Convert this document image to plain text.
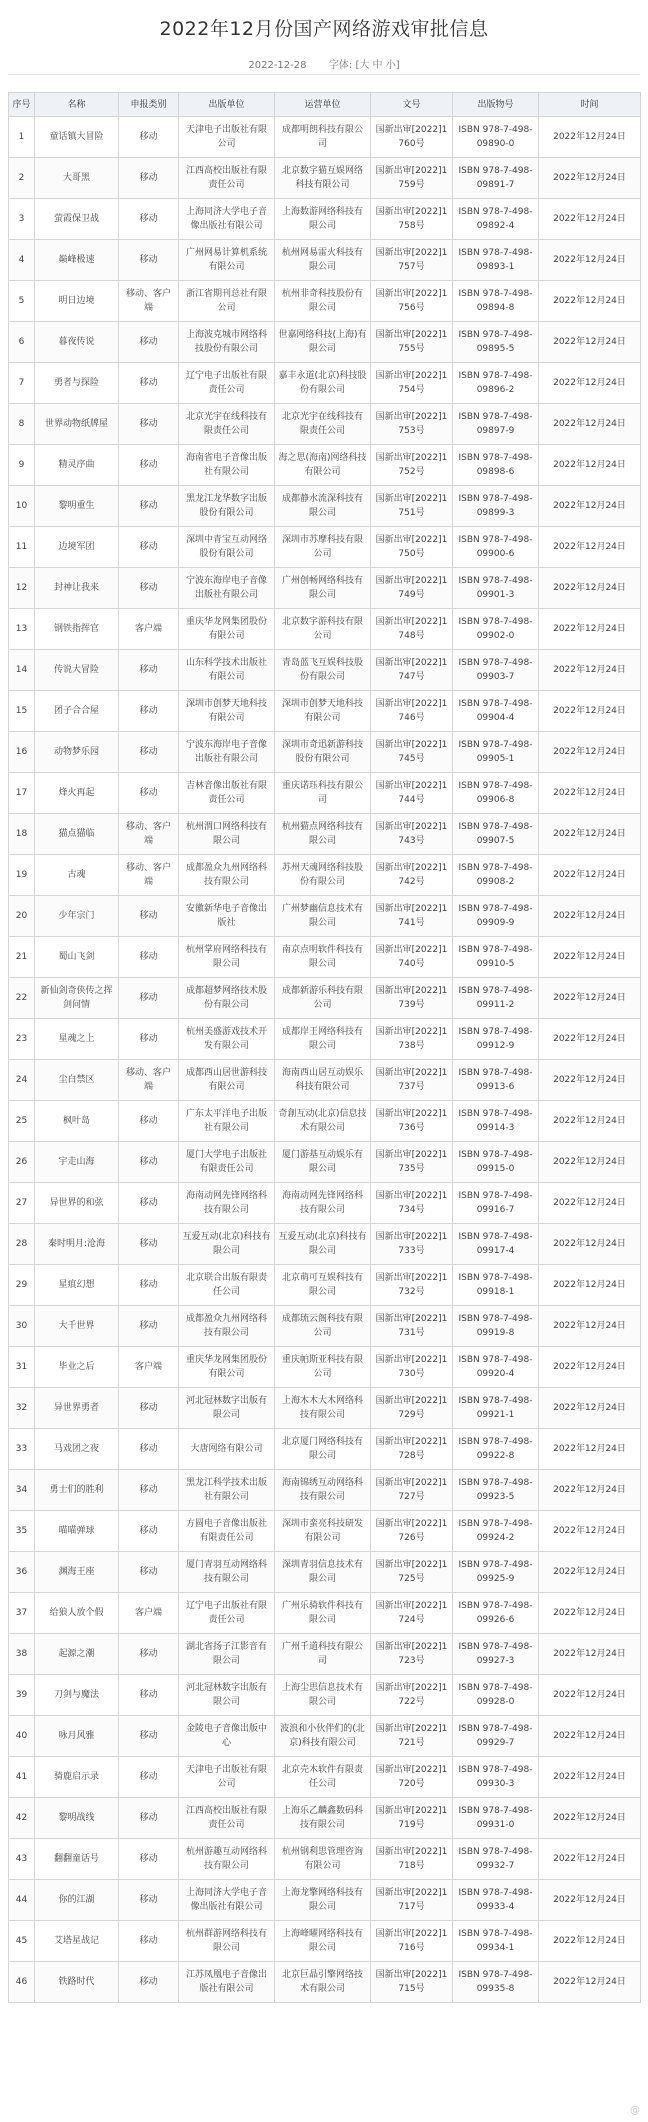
2022年12月份国产网络游戏审批信息
2022-12-28 字体: [大 中 小]
序号	名称	申报类别	出版单位	运营单位	文号	出版物号	时间
1	童话镇大冒险	移动	天津电子出版社有限公司	成都明朗科技有限公司	国新出审[2022]1760号	ISBN 978-7-498-09890-0	2022年12月24日
2	大哥黑	移动	江西高校出版社有限责任公司	北京数字猫互娱网络科技有限公司	国新出审[2022]1759号	ISBN 978-7-498-09891-7	2022年12月24日
3	萤霞保卫战	移动	上海同济大学电子音像出版社有限公司	上海数游网络科技有限公司	国新出审[2022]1758号	ISBN 978-7-498-09892-4	2022年12月24日
4	巅峰极速	移动	广州网易计算机系统有限公司	杭州网易雷火科技有限公司	国新出审[2022]1757号	ISBN 978-7-498-09893-1	2022年12月24日
5	明日边境	移动、客户端	浙江省期刊总社有限公司	杭州非奇科技股份有限公司	国新出审[2022]1756号	ISBN 978-7-498-09894-8	2022年12月24日
6	暮夜传说	移动	上海波克城市网络科技股份有限公司	世嘉网络科技(上海)有限公司	国新出审[2022]1755号	ISBN 978-7-498-09895-5	2022年12月24日
7	勇者与探险	移动	辽宁电子出版社有限责任公司	嘉丰永道(北京)科技股份有限公司	国新出审[2022]1754号	ISBN 978-7-498-09896-2	2022年12月24日
8	世界动物纸牌屋	移动	北京光宇在线科技有限责任公司	北京光宇在线科技有限责任公司	国新出审[2022]1753号	ISBN 978-7-498-09897-9	2022年12月24日
9	精灵序曲	移动	海南省电子音像出版社有限公司	海之思(海南)网络科技有限公司	国新出审[2022]1752号	ISBN 978-7-498-09898-6	2022年12月24日
10	黎明重生	移动	黑龙江龙华数字出版股份有限公司	成都静水流深科技有限公司	国新出审[2022]1751号	ISBN 978-7-498-09899-3	2022年12月24日
11	边境军团	移动	深圳中青宝互动网络股份有限公司	深圳市苏摩科技有限公司	国新出审[2022]1750号	ISBN 978-7-498-09900-6	2022年12月24日
12	封神让我来	移动	宁波东海岸电子音像出版社有限公司	广州创畅网络科技有限公司	国新出审[2022]1749号	ISBN 978-7-498-09901-3	2022年12月24日
13	钢铁指挥官	客户端	重庆华龙网集团股份有限公司	北京数字游科技有限公司	国新出审[2022]1748号	ISBN 978-7-498-09902-0	2022年12月24日
14	传说大冒险	移动	山东科学技术出版社有限公司	青岛蓝飞互娱科技股份有限公司	国新出审[2022]1747号	ISBN 978-7-498-09903-7	2022年12月24日
15	团子合合屋	移动	深圳市创梦天地科技有限公司	深圳市创梦天地科技有限公司	国新出审[2022]1746号	ISBN 978-7-498-09904-4	2022年12月24日
16	动物梦乐园	移动	宁波东海岸电子音像出版社有限公司	深圳市奇迅新游科技股份有限公司	国新出审[2022]1745号	ISBN 978-7-498-09905-1	2022年12月24日
17	烽火再起	移动	吉林音像出版社有限责任公司	重庆诺珏科技有限公司	国新出审[2022]1744号	ISBN 978-7-498-09906-8	2022年12月24日
18	猫点猫临	移动、客户端	杭州渭口网络科技有限公司	杭州猫点网络科技有限公司	国新出审[2022]1743号	ISBN 978-7-498-09907-5	2022年12月24日
19	古魂	移动、客户端	成都盈众九州网络科技有限公司	苏州天魂网络科技股份有限公司	国新出审[2022]1742号	ISBN 978-7-498-09908-2	2022年12月24日
20	少年宗门	移动	安徽新华电子音像出版社	广州梦幽信息技术有限公司	国新出审[2022]1741号	ISBN 978-7-498-09909-9	2022年12月24日
21	蜀山飞剑	移动	杭州掌府网络科技有限公司	南京点明软件科技有限公司	国新出审[2022]1740号	ISBN 978-7-498-09910-5	2022年12月24日
22	新仙剑奇侠传之挥剑问情	移动	成都超梦网络技术股份有限公司	成都新游乐科技有限公司	国新出审[2022]1739号	ISBN 978-7-498-09911-2	2022年12月24日
23	星魂之上	移动	杭州美盛游戏技术开发有限公司	成都岸王网络科技有限公司	国新出审[2022]1738号	ISBN 978-7-498-09912-9	2022年12月24日
24	尘白禁区	移动、客户端	成都西山居世游科技有限公司	海南西山居互动娱乐科技有限公司	国新出审[2022]1737号	ISBN 978-7-498-09913-6	2022年12月24日
25	枫叶岛	移动	广东太平洋电子出版社有限公司	奇創互动(北京)信息技术有限公司	国新出审[2022]1736号	ISBN 978-7-498-09914-3	2022年12月24日
26	宇走山海	移动	厦门大学电子出版社有限责任公司	厦门游基互动娱乐有限公司	国新出审[2022]1735号	ISBN 978-7-498-09915-0	2022年12月24日
27	异世界的和弦	移动	海南动网先锋网络科技有限公司	海南动网先锋网络科技有限公司	国新出审[2022]1734号	ISBN 978-7-498-09916-7	2022年12月24日
28	秦时明月:沧海	移动	互爱互动(北京)科技有限公司	互爱互动(北京)科技有限公司	国新出审[2022]1733号	ISBN 978-7-498-09917-4	2022年12月24日
29	星痕幻想	移动	北京联合出版有限责任公司	北京萌可互娱科技有限公司	国新出审[2022]1732号	ISBN 978-7-498-09918-1	2022年12月24日
30	大千世界	移动	成都盈众九州网络科技有限公司	成都琉云阁科技有限公司	国新出审[2022]1731号	ISBN 978-7-498-09919-8	2022年12月24日
31	毕业之后	客户端	重庆华龙网集团股份有限公司	重庆帕斯亚科技有限公司	国新出审[2022]1730号	ISBN 978-7-498-09920-4	2022年12月24日
32	异世界勇者	移动	河北冠林数字出版有限公司	上海木木大木网络科技有限公司	国新出审[2022]1729号	ISBN 978-7-498-09921-1	2022年12月24日
33	马戏团之夜	移动	大唐网络有限公司	北京厦门网络科技有限公司	国新出审[2022]1728号	ISBN 978-7-498-09922-8	2022年12月24日
34	勇士们的胜利	移动	黑龙江科学技术出版社有限公司	海南锦绣互动网络科技有限公司	国新出审[2022]1727号	ISBN 978-7-498-09923-5	2022年12月24日
35	喵喵弹球	移动	方圆电子音像出版社有限责任公司	深圳市蛮亮科技研发有限公司	国新出审[2022]1726号	ISBN 978-7-498-09924-2	2022年12月24日
36	渊海王座	移动	厦门青羽互动网络科技有限公司	深圳青羽信息技术有限公司	国新出审[2022]1725号	ISBN 978-7-498-09925-9	2022年12月24日
37	给狼人放个假	客户端	辽宁电子出版社有限责任公司	广州乐骑软件科技有限公司	国新出审[2022]1724号	ISBN 978-7-498-09926-6	2022年12月24日
38	起源之潮	移动	湖北省扬子江影音有限公司	广州千道科技有限公司	国新出审[2022]1723号	ISBN 978-7-498-09927-3	2022年12月24日
39	刀剑与魔法	移动	河北冠林数字出版有限公司	上海尘思信息技术有限公司	国新出审[2022]1722号	ISBN 978-7-498-09928-0	2022年12月24日
40	咏月风雅	移动	金陵电子音像出版中心	波浪和小伙伴们的(北京)科技有限公司	国新出审[2022]1721号	ISBN 978-7-498-09929-7	2022年12月24日
41	骑鹿启示录	移动	天津电子出版社有限公司	北京壳木软件有限责任公司	国新出审[2022]1720号	ISBN 978-7-498-09930-3	2022年12月24日
42	黎明战线	移动	江西高校出版社有限责任公司	上海乐乙麟鑫数码科技有限公司	国新出审[2022]1719号	ISBN 978-7-498-09931-0	2022年12月24日
43	翻翻童话号	移动	杭州游趣互动网络科技有限公司	杭州钢利思管理咨询有限公司	国新出审[2022]1718号	ISBN 978-7-498-09932-7	2022年12月24日
44	你的江湖	移动	上海同济大学电子音像出版社有限公司	上海龙擎网络科技有限公司	国新出审[2022]1717号	ISBN 978-7-498-09933-4	2022年12月24日
45	艾塔星战记	移动	杭州群游网络科技有限公司	上海峰曜网络科技有限公司	国新出审[2022]1716号	ISBN 978-7-498-09934-1	2022年12月24日
46	铁路时代	移动	江苏凤凰电子音像出版社有限公司	北京巨晶引擎网络技术有限公司	国新出审[2022]1715号	ISBN 978-7-498-09935-8	2022年12月24日
@
